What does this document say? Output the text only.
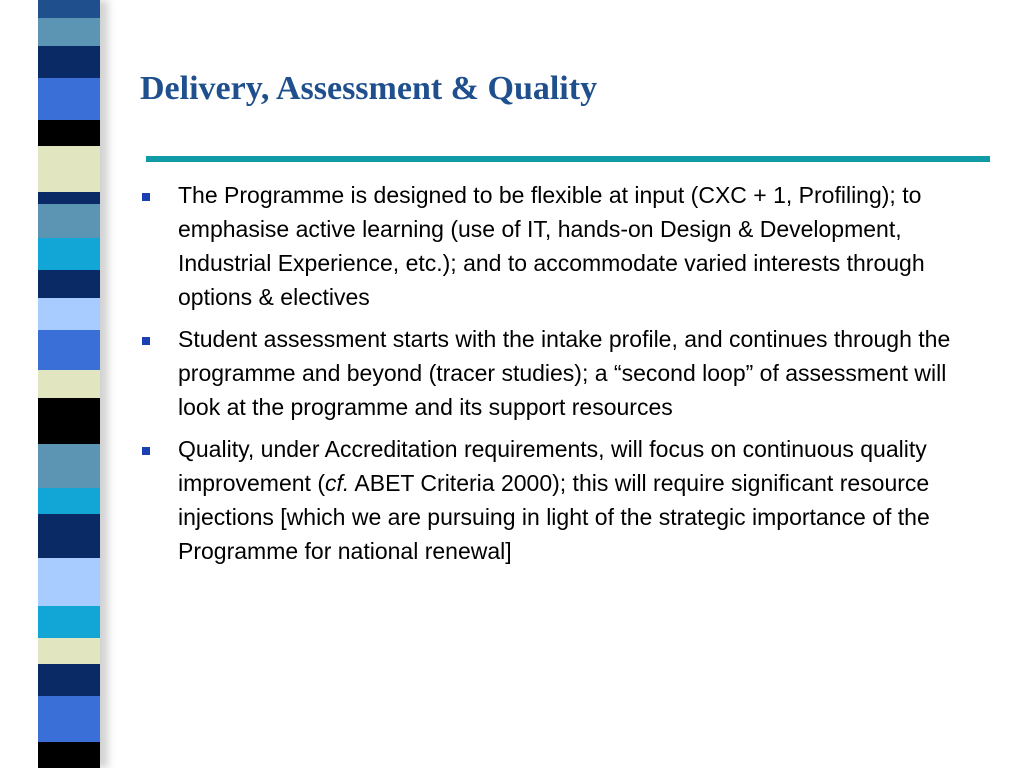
Delivery, Assessment & Quality
The Programme is designed to be flexible at input (CXC + 1, Profiling); to emphasise active learning (use of IT, hands-on Design & Development, Industrial Experience, etc.); and to accommodate varied interests through options & electives
Student assessment starts with the intake profile, and continues through the programme and beyond (tracer studies); a “second loop” of assessment will look at the programme and its support resources
Quality, under Accreditation requirements, will focus on continuous quality improvement (cf. ABET Criteria 2000); this will require significant resource injections [which we are pursuing in light of the strategic importance of the Programme for national renewal]
